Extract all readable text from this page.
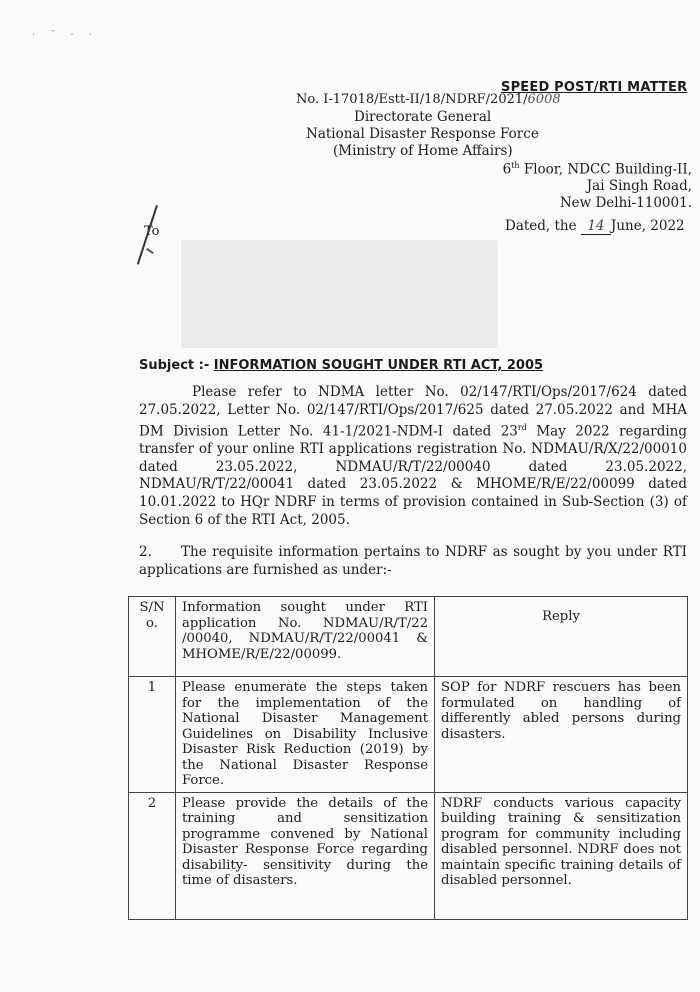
· ˉ · ·
SPEED POST/RTI MATTER
No. I-17018/Estt-II/18/NDRF/2021/6008
Directorate General
National Disaster Response Force
(Ministry of Home Affairs)
6th Floor, NDCC Building-II,
Jai Singh Road,
New Delhi-110001.
Dated, the 14 June, 2022
To
Subject :- INFORMATION SOUGHT UNDER RTI ACT, 2005
Please refer to NDMA letter No. 02/147/RTI/Ops/2017/624 dated 27.05.2022, Letter No. 02/147/RTI/Ops/2017/625 dated 27.05.2022 and MHA DM Division Letter No. 41-1/2021-NDM-I dated 23rd May 2022 regarding transfer of your online RTI applications registration No. NDMAU/R/X/22/00010 dated 23.05.2022, NDMAU/R/T/22/00040 dated 23.05.2022, NDMAU/R/T/22/00041 dated 23.05.2022 & MHOME/R/E/22/00099 dated 10.01.2022 to HQr NDRF in terms of provision contained in Sub-Section (3) of Section 6 of the RTI Act, 2005.
2. The requisite information pertains to NDRF as sought by you under RTI applications are furnished as under:-
S/N o.	Information sought under RTI application No. NDMAU/R/T/22 /00040, NDMAU/R/T/22/00041 & MHOME/R/E/22/00099.	Reply
1	Please enumerate the steps taken for the implementation of the National Disaster Management Guidelines on Disability Inclusive Disaster Risk Reduction (2019) by the National Disaster Response Force.	SOP for NDRF rescuers has been formulated on handling of differently abled persons during disasters.
2	Please provide the details of the training and sensitization programme convened by National Disaster Response Force regarding disability- sensitivity during the time of disasters.	NDRF conducts various capacity building training & sensitization program for community including disabled personnel. NDRF does not maintain specific training details of disabled personnel.
